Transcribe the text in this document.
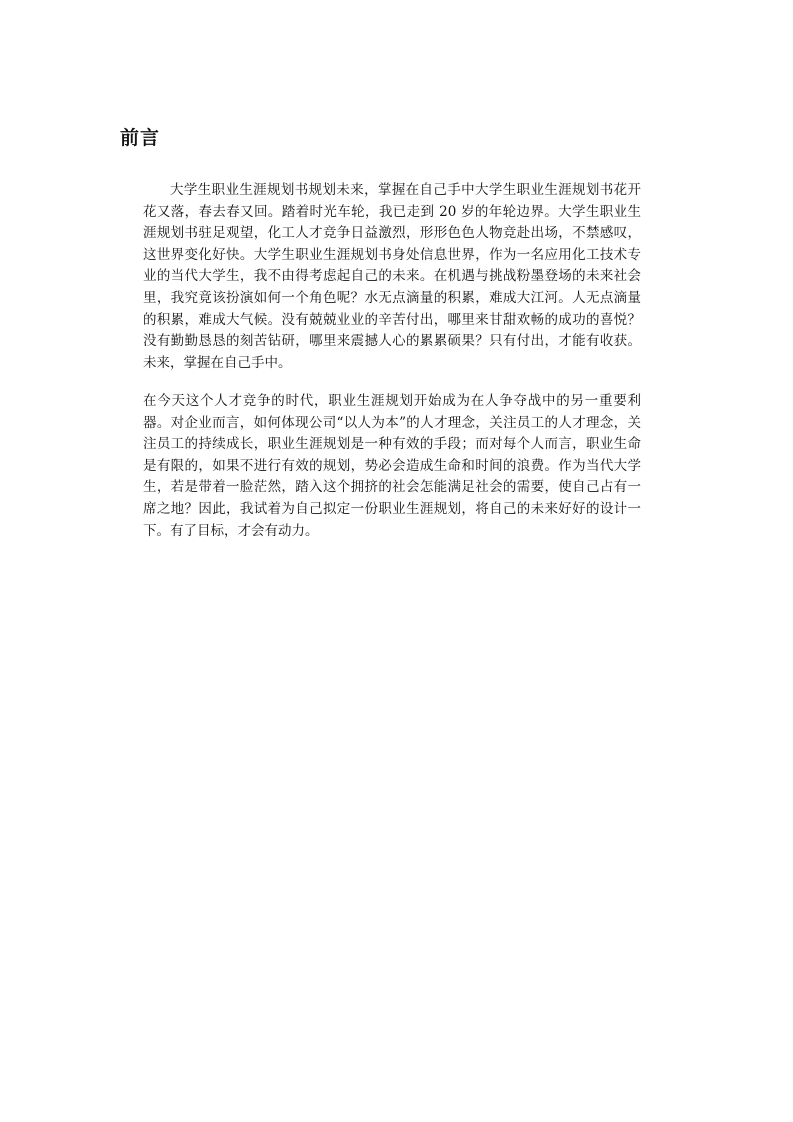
前言

大学生职业生涯规划书规划未来，掌握在自己手中大学生职业生涯规划书花开花又落，春去春又回。踏着时光车轮，我已走到 20 岁的年轮边界。大学生职业生涯规划书驻足观望，化工人才竞争日益激烈，形形色色人物竞赴出场，不禁感叹，这世界变化好快。大学生职业生涯规划书身处信息世界，作为一名应用化工技术专业的当代大学生，我不由得考虑起自己的未来。在机遇与挑战粉墨登场的未来社会里，我究竟该扮演如何一个角色呢？水无点滴量的积累，难成大江河。人无点滴量的积累，难成大气候。没有兢兢业业的辛苦付出，哪里来甘甜欢畅的成功的喜悦？没有勤勤恳恳的刻苦钻研，哪里来震撼人心的累累硕果？只有付出，才能有收获。未来，掌握在自己手中。

在今天这个人才竞争的时代，职业生涯规划开始成为在人争夺战中的另一重要利器。对企业而言，如何体现公司“以人为本”的人才理念，关注员工的人才理念，关注员工的持续成长，职业生涯规划是一种有效的手段；而对每个人而言，职业生命是有限的，如果不进行有效的规划，势必会造成生命和时间的浪费。作为当代大学生，若是带着一脸茫然，踏入这个拥挤的社会怎能满足社会的需要，使自己占有一席之地？因此，我试着为自己拟定一份职业生涯规划，将自己的未来好好的设计一下。有了目标，才会有动力。
